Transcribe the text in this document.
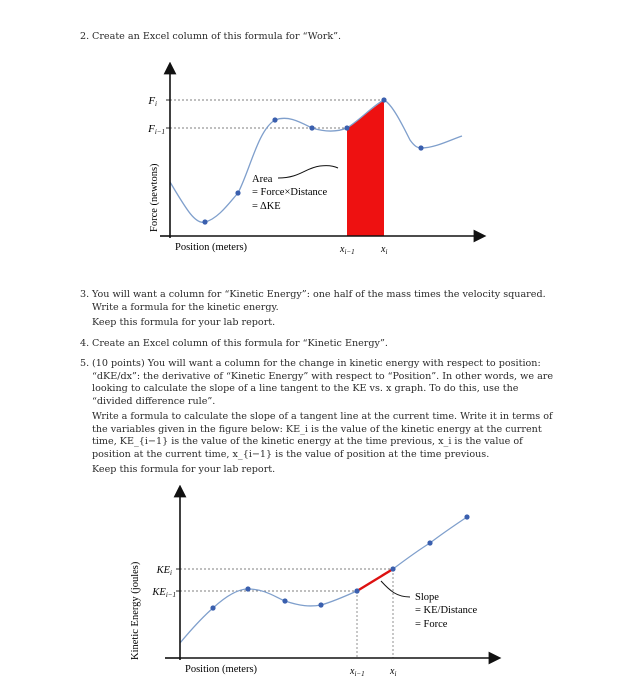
2. Create an Excel column of this formula for “Work”.
Fi
Fi−1
Force (newtons)
Position (meters)	$x_{i-1}$	$x_i$
Area
= Force×Distance
= ΔKE
3. You will want a column for “Kinetic Energy”: one half of the mass times the velocity squared. Write a formula for the kinetic energy.

Keep this formula for your lab report.

4. Create an Excel column of this formula for “Kinetic Energy”.

5. (10 points) You will want a column for the change in kinetic energy with respect to position: “dKE/dx”: the derivative of “Kinetic Energy” with respect to “Position”. In other words, we are looking to calculate the slope of a line tangent to the KE vs. x graph. To do this, use the “divided difference rule”.

Write a formula to calculate the slope of a tangent line at the current time. Write it in terms of the variables given in the figure below: KE_i is the value of the kinetic energy at the current time, KE_{i−1} is the value of the kinetic energy at the time previous, x_i is the value of position at the current time, x_{i−1} is the value of position at the time previous.

Keep this formula for your lab report.

KEi
KEi−1
Kinetic Energy (joules)
Position (meters)	$x_{i-1}$	$x_i$
Slope
= KE/Distance
= Force
